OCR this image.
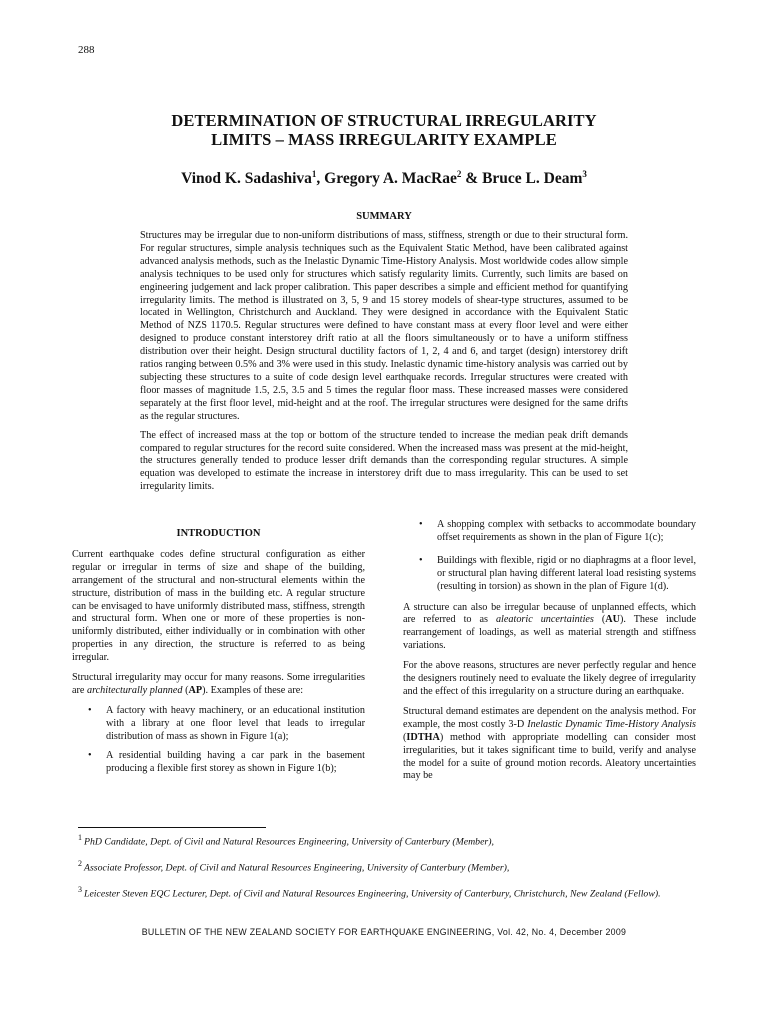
288
DETERMINATION OF STRUCTURAL IRREGULARITY
LIMITS – MASS IRREGULARITY EXAMPLE
Vinod K. Sadashiva$^1$, Gregory A. MacRae$^2$ & Bruce L. Deam$^3$
SUMMARY

Structures may be irregular due to non-uniform distributions of mass, stiffness, strength or due to their structural form. For regular structures, simple analysis techniques such as the Equivalent Static Method, have been calibrated against advanced analysis methods, such as the Inelastic Dynamic Time-History Analysis. Most worldwide codes allow simple analysis techniques to be used only for structures which satisfy regularity limits. Currently, such limits are based on engineering judgement and lack proper calibration. This paper describes a simple and efficient method for quantifying irregularity limits. The method is illustrated on 3, 5, 9 and 15 storey models of shear-type structures, assumed to be located in Wellington, Christchurch and Auckland. They were designed in accordance with the Equivalent Static Method of NZS 1170.5. Regular structures were defined to have constant mass at every floor level and were either designed to produce constant interstorey drift ratio at all the floors simultaneously or to have a uniform stiffness distribution over their height. Design structural ductility factors of 1, 2, 4 and 6, and target (design) interstorey drift ratios ranging between 0.5% and 3% were used in this study. Inelastic dynamic time-history analysis was carried out by subjecting these structures to a suite of code design level earthquake records. Irregular structures were created with floor masses of magnitude 1.5, 2.5, 3.5 and 5 times the regular floor mass. These increased masses were considered separately at the first floor level, mid-height and at the roof. The irregular structures were designed for the same drifts as the regular structures.

The effect of increased mass at the top or bottom of the structure tended to increase the median peak drift demands compared to regular structures for the record suite considered. When the increased mass was present at the mid-height, the structures generally tended to produce lesser drift demands than the corresponding regular structures. A simple equation was developed to estimate the increase in interstorey drift due to mass irregularity. This can be used to set irregularity limits.

INTRODUCTION

Current earthquake codes define structural configuration as either regular or irregular in terms of size and shape of the building, arrangement of the structural and non-structural elements within the structure, distribution of mass in the building etc. A regular structure can be envisaged to have uniformly distributed mass, stiffness, strength and structural form. When one or more of these properties is non-uniformly distributed, either individually or in combination with other properties in any direction, the structure is referred to as being irregular.

Structural irregularity may occur for many reasons. Some irregularities are architecturally planned (AP). Examples of these are:

• A factory with heavy machinery, or an educational institution with a library at one floor level that leads to irregular distribution of mass as shown in Figure 1(a);
• A residential building having a car park in the basement producing a flexible first storey as shown in Figure 1(b);
• A shopping complex with setbacks to accommodate boundary offset requirements as shown in the plan of Figure 1(c);
• Buildings with flexible, rigid or no diaphragms at a floor level, or structural plan having different lateral load resisting systems (resulting in torsion) as shown in the plan of Figure 1(d).

A structure can also be irregular because of unplanned effects, which are referred to as aleatoric uncertainties (AU). These include rearrangement of loadings, as well as material strength and stiffness variations.

For the above reasons, structures are never perfectly regular and hence the designers routinely need to evaluate the likely degree of irregularity and the effect of this irregularity on a structure during an earthquake.

Structural demand estimates are dependent on the analysis method. For example, the most costly 3-D Inelastic Dynamic Time-History Analysis (IDTHA) method with appropriate modelling can consider most irregularities, but it takes significant time to build, verify and analyse the model for a suite of ground motion records. Aleatory uncertainties may be

$^1$ PhD Candidate, Dept. of Civil and Natural Resources Engineering, University of Canterbury (Member),

$^2$ Associate Professor, Dept. of Civil and Natural Resources Engineering, University of Canterbury (Member),

$^3$ Leicester Steven EQC Lecturer, Dept. of Civil and Natural Resources Engineering, University of Canterbury, Christchurch, New Zealand (Fellow).

BULLETIN OF THE NEW ZEALAND SOCIETY FOR EARTHQUAKE ENGINEERING, Vol. 42, No. 4, December 2009
